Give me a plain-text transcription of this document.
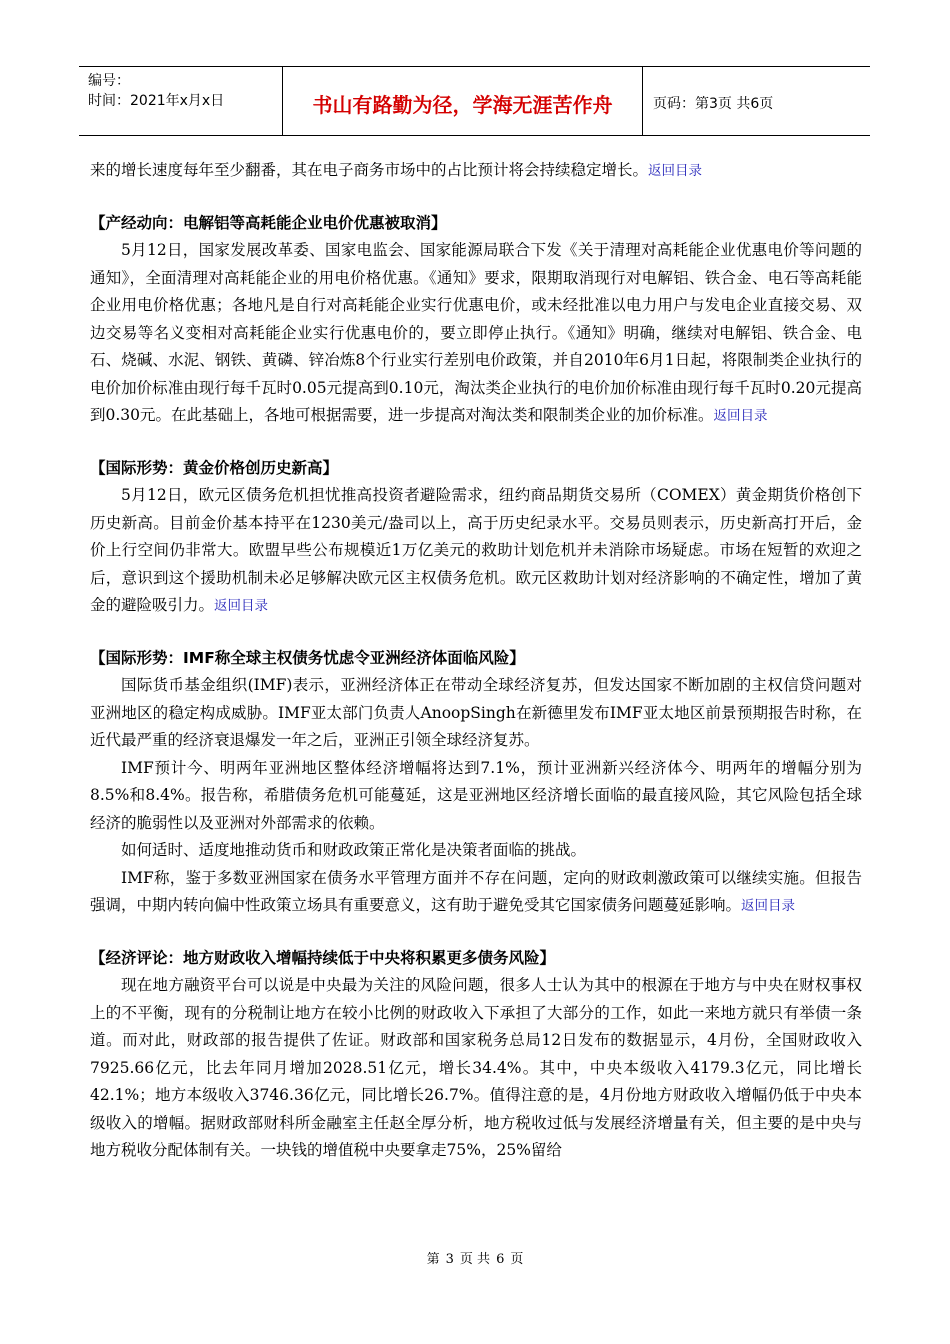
编号：
时间：2021年x月x日	书山有路勤为径，学海无涯苦作舟	页码：第3页 共6页

来的增长速度每年至少翻番，其在电子商务市场中的占比预计将会持续稳定增长。返回目录

【产经动向：电解铝等高耗能企业电价优惠被取消】

5月12日，国家发展改革委、国家电监会、国家能源局联合下发《关于清理对高耗能企业优惠电价等问题的通知》，全面清理对高耗能企业的用电价格优惠。《通知》要求，限期取消现行对电解铝、铁合金、电石等高耗能企业用电价格优惠；各地凡是自行对高耗能企业实行优惠电价，或未经批准以电力用户与发电企业直接交易、双边交易等名义变相对高耗能企业实行优惠电价的，要立即停止执行。《通知》明确，继续对电解铝、铁合金、电石、烧碱、水泥、钢铁、黄磷、锌冶炼8个行业实行差别电价政策，并自2010年6月1日起，将限制类企业执行的电价加价标准由现行每千瓦时0.05元提高到0.10元，淘汰类企业执行的电价加价标准由现行每千瓦时0.20元提高到0.30元。在此基础上，各地可根据需要，进一步提高对淘汰类和限制类企业的加价标准。返回目录

【国际形势：黄金价格创历史新高】

5月12日，欧元区债务危机担忧推高投资者避险需求，纽约商品期货交易所（COMEX）黄金期货价格创下历史新高。目前金价基本持平在1230美元/盎司以上，高于历史纪录水平。交易员则表示，历史新高打开后，金价上行空间仍非常大。欧盟早些公布规模近1万亿美元的救助计划危机并未消除市场疑虑。市场在短暂的欢迎之后，意识到这个援助机制未必足够解决欧元区主权债务危机。欧元区救助计划对经济影响的不确定性，增加了黄金的避险吸引力。返回目录

【国际形势：IMF称全球主权债务忧虑令亚洲经济体面临风险】

国际货币基金组织(IMF)表示，亚洲经济体正在带动全球经济复苏，但发达国家不断加剧的主权信贷问题对亚洲地区的稳定构成威胁。IMF亚太部门负责人AnoopSingh在新德里发布IMF亚太地区前景预期报告时称，在近代最严重的经济衰退爆发一年之后，亚洲正引领全球经济复苏。

IMF预计今、明两年亚洲地区整体经济增幅将达到7.1%，预计亚洲新兴经济体今、明两年的增幅分别为8.5%和8.4%。报告称，希腊债务危机可能蔓延，这是亚洲地区经济增长面临的最直接风险，其它风险包括全球经济的脆弱性以及亚洲对外部需求的依赖。

如何适时、适度地推动货币和财政政策正常化是决策者面临的挑战。

IMF称，鉴于多数亚洲国家在债务水平管理方面并不存在问题，定向的财政刺激政策可以继续实施。但报告强调，中期内转向偏中性政策立场具有重要意义，这有助于避免受其它国家债务问题蔓延影响。返回目录

【经济评论：地方财政收入增幅持续低于中央将积累更多债务风险】

现在地方融资平台可以说是中央最为关注的风险问题，很多人士认为其中的根源在于地方与中央在财权事权上的不平衡，现有的分税制让地方在较小比例的财政收入下承担了大部分的工作，如此一来地方就只有举债一条道。而对此，财政部的报告提供了佐证。财政部和国家税务总局12日发布的数据显示，4月份，全国财政收入7925.66亿元，比去年同月增加2028.51亿元，增长34.4%。其中，中央本级收入4179.3亿元，同比增长42.1%；地方本级收入3746.36亿元，同比增长26.7%。值得注意的是，4月份地方财政收入增幅仍低于中央本级收入的增幅。据财政部财科所金融室主任赵全厚分析，地方税收过低与发展经济增量有关，但主要的是中央与地方税收分配体制有关。一块钱的增值税中央要拿走75%，25%留给

第 3 页 共 6 页
